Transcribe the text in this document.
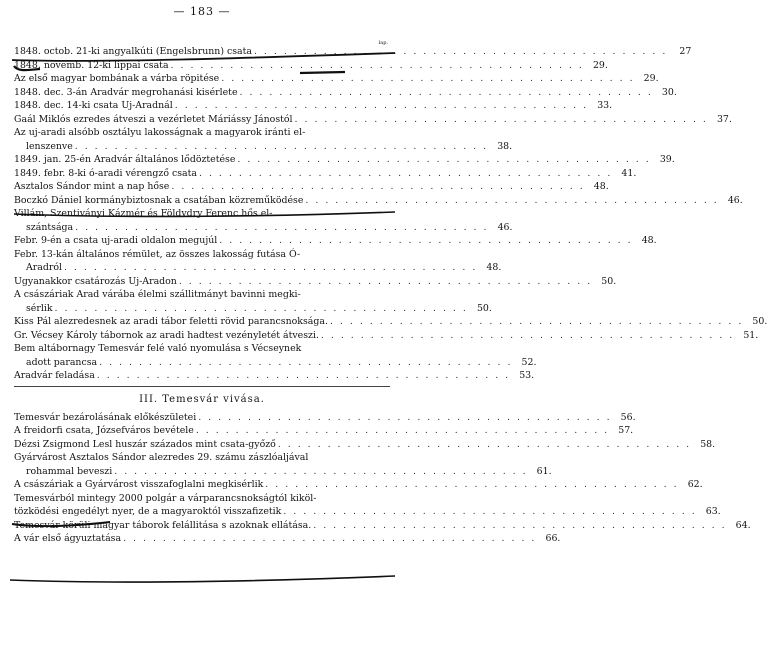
— 183 —
lap.
1848. octob. 21-ki angyalkúti (Engelsbrunn) csata . . .	27
1848. novemb. 12-ki lippai csata . . .	29.
Az első magyar bombának a várba röpitése . . .	29.
1848. dec. 3-án Aradvár megrohanási kisérlete . . .	30.
1848. dec. 14-ki csata Uj-Aradnál . . .	33.
Gaál Miklós ezredes átveszi a vezérletet Máriássy Jánostól . . .	37.
Az uj-aradi alsóbb osztályu lakosságnak a magyarok iránti el-
lenszenve . . .	38.
1849. jan. 25-én Aradvár általános lődöztetése . . .	39.
1849. febr. 8-ki ó-aradi véreng​ző csata . . .	41.
Asztalos Sándor mint a nap hőse . . .	48.
Boczkó Dániel kormánybiztosnak a csatában közreműködése . . .	46.
Villám, Szentiványi Kázmér és Földvdry Ferenc hős el-
szántsága . . .	46.
Febr. 9-én a csata uj-aradi oldalon megujúl . . .	48.
Febr. 13-kán általános rémület, az összes lakosság futása Ó-
Aradról . . .	48.
Ugyanakkor csatározás Uj-Aradon . . .	50.
A császáriak Arad várába élelmi szállitmányt bavinni megki-
sérlik . . .	50.
Kiss Pál alezredesnek az aradi tábor feletti rövid parancsnoksága. . . .	50.
Gr. Vécsey Károly tábornok az aradi hadtest vezényletét átveszi. . . .	51.
Bem altábornagy Temesvár felé való nyomulása s Vécseynek
adott parancsa . . .	52.
Aradvár feladása . . .	53.
III. Temesvár vivása.
Temesvár bezárolásának előkészületei . . .	56.
A freidorfi csata, Józsefváros bevétele . . .	57.
Dézsi Zsigmond Lesl huszár százados mint csata-győző . . .	58.
Gyárvárost Asztalos Sándor alezredes 29. számu zászlóaljával
rohammal beveszi . . .	61.
A császáriak a Gyárvárost visszafoglalni megkisérlik . . .	62.
Temesvárból mintegy 2000 polgár a várparancsnokságtól kiköl-
tözködési engedélyt nyer, de a magyaroktól visszafizetik . . .	63.
Temesvár körüli magyar táborok felállitása s azoknak ellátása. . . .	64.
A vár első ágyuztatása . . .	66.
